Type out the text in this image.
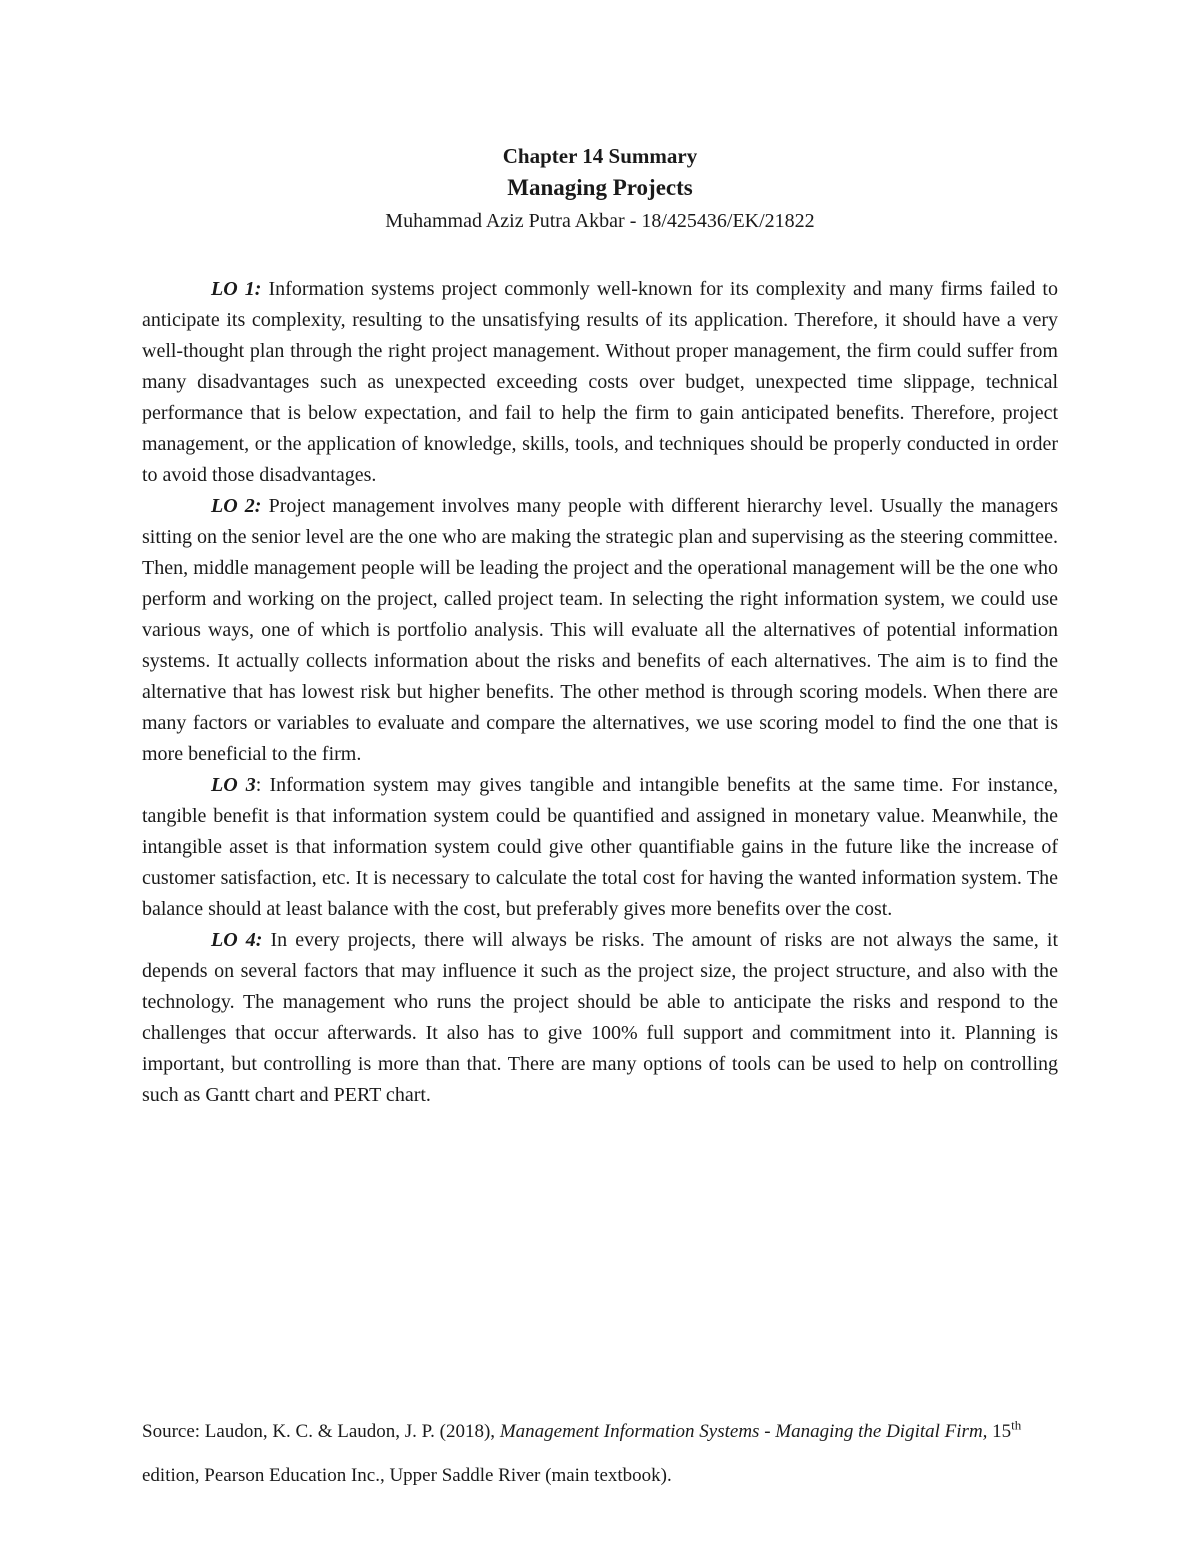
Chapter 14 Summary

Managing Projects

Muhammad Aziz Putra Akbar - 18/425436/EK/21822

LO 1: Information systems project commonly well-known for its complexity and many firms failed to anticipate its complexity, resulting to the unsatisfying results of its application. Therefore, it should have a very well-thought plan through the right project management. Without proper management, the firm could suffer from many disadvantages such as unexpected exceeding costs over budget, unexpected time slippage, technical performance that is below expectation, and fail to help the firm to gain anticipated benefits. Therefore, project management, or the application of knowledge, skills, tools, and techniques should be properly conducted in order to avoid those disadvantages.

LO 2: Project management involves many people with different hierarchy level. Usually the managers sitting on the senior level are the one who are making the strategic plan and supervising as the steering committee. Then, middle management people will be leading the project and the operational management will be the one who perform and working on the project, called project team. In selecting the right information system, we could use various ways, one of which is portfolio analysis. This will evaluate all the alternatives of potential information systems. It actually collects information about the risks and benefits of each alternatives. The aim is to find the alternative that has lowest risk but higher benefits. The other method is through scoring models. When there are many factors or variables to evaluate and compare the alternatives, we use scoring model to find the one that is more beneficial to the firm.

LO 3: Information system may gives tangible and intangible benefits at the same time. For instance, tangible benefit is that information system could be quantified and assigned in monetary value. Meanwhile, the intangible asset is that information system could give other quantifiable gains in the future like the increase of customer satisfaction, etc. It is necessary to calculate the total cost for having the wanted information system. The balance should at least balance with the cost, but preferably gives more benefits over the cost.

LO 4: In every projects, there will always be risks. The amount of risks are not always the same, it depends on several factors that may influence it such as the project size, the project structure, and also with the technology. The management who runs the project should be able to anticipate the risks and respond to the challenges that occur afterwards. It also has to give 100% full support and commitment into it. Planning is important, but controlling is more than that. There are many options of tools can be used to help on controlling such as Gantt chart and PERT chart.

Source: Laudon, K. C. & Laudon, J. P. (2018), Management Information Systems - Managing the Digital Firm, 15th edition, Pearson Education Inc., Upper Saddle River (main textbook).
